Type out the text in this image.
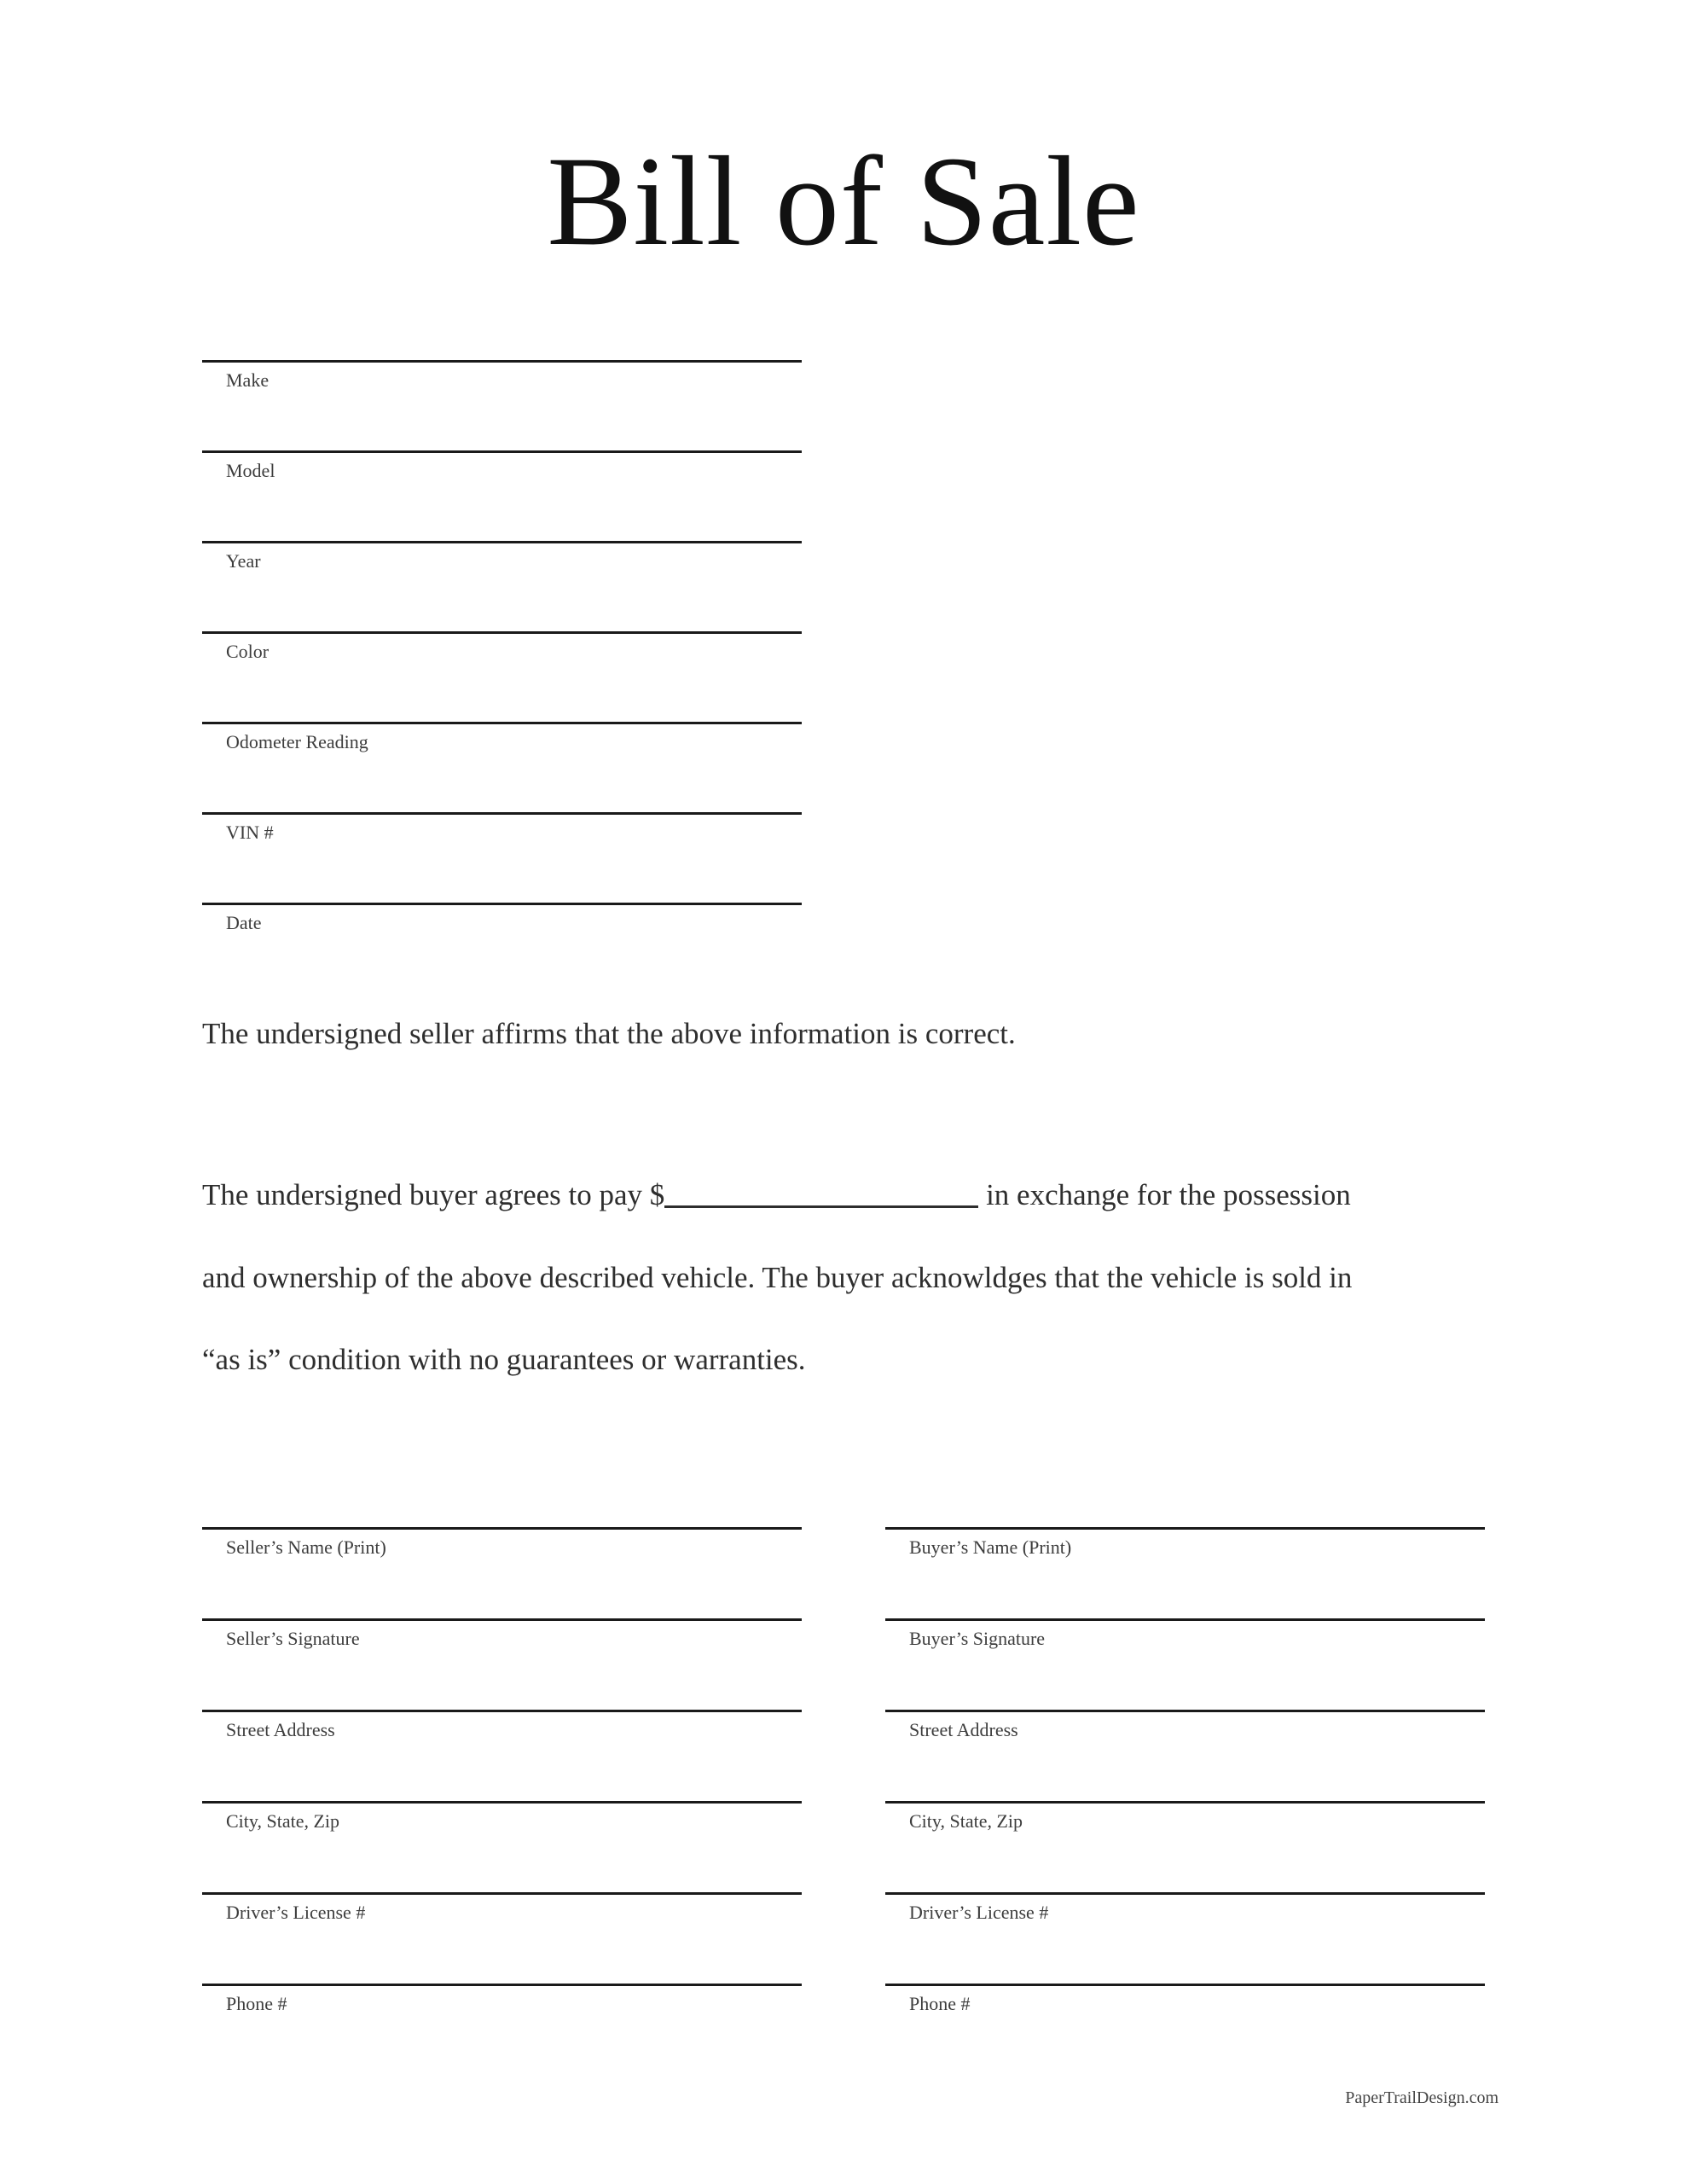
Bill of Sale
Make
Model
Year
Color
Odometer Reading
VIN #
Date

The undersigned seller affirms that the above information is correct.

The undersigned buyer agrees to pay $	in exchange for the possession
and ownership of the above described vehicle. The buyer acknowldges that the vehicle is sold in
“as is” condition with no guarantees or warranties.
Seller’s Name (Print)
Seller’s Signature
Street Address
City, State, Zip
Driver’s License #
Phone #
Buyer’s Name (Print)
Buyer’s Signature
Street Address
City, State, Zip
Driver’s License #
Phone #
PaperTrailDesign.com
